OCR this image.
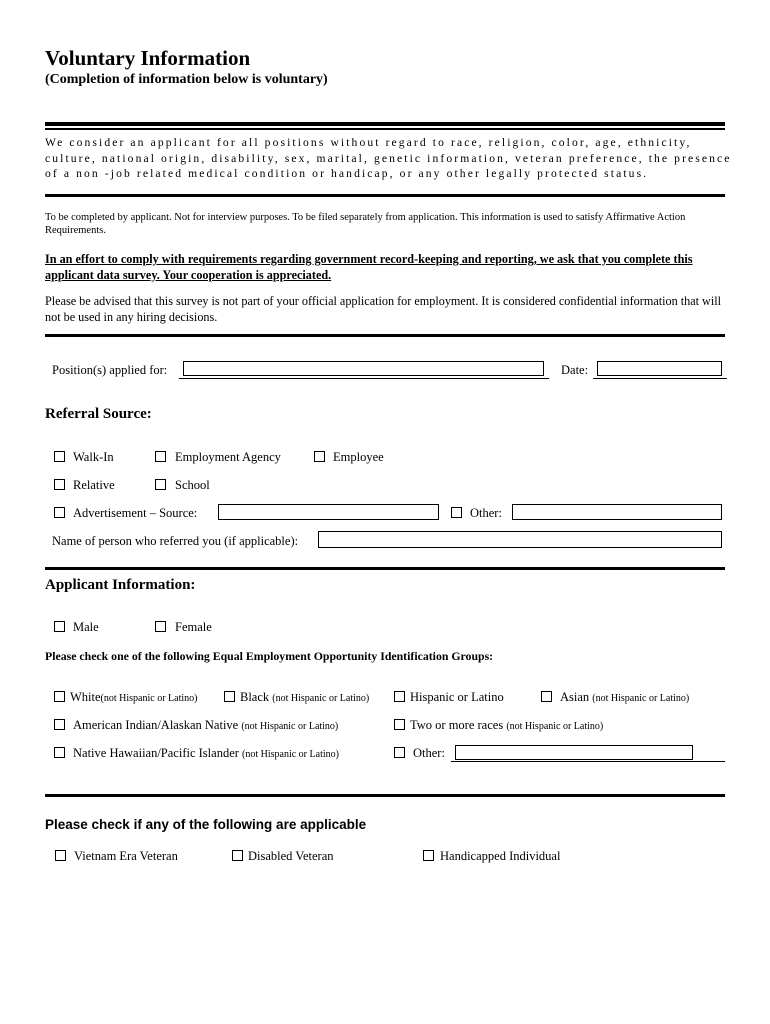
Voluntary Information
(Completion of information below is voluntary)
We consider an applicant for all positions without regard to race, religion, color, age, ethnicity, culture, national origin, disability, sex, marital, genetic information, veteran preference, the presence of a non -job related medical condition or handicap, or any other legally protected status.
To be completed by applicant. Not for interview purposes. To be filed separately from application. This information is used to satisfy Affirmative Action Requirements.
In an effort to comply with requirements regarding government record-keeping and reporting, we ask that you complete this applicant data survey. Your cooperation is appreciated.
Please be advised that this survey is not part of your official application for employment. It is considered confidential information that will not be used in any hiring decisions.
Position(s) applied for:	Date:
Referral Source:
Walk-In	Employment Agency	Employee
Relative	School
Advertisement – Source:	Other:
Name of person who referred you (if applicable):
Applicant Information:
Male	Female
Please check one of the following Equal Employment Opportunity Identification Groups:
White(not Hispanic or Latino)	Black (not Hispanic or Latino)	Hispanic or Latino	Asian (not Hispanic or Latino)
American Indian/Alaskan Native (not Hispanic or Latino)	Two or more races (not Hispanic or Latino)
Native Hawaiian/Pacific Islander (not Hispanic or Latino)	Other:
Please check if any of the following are applicable
Vietnam Era Veteran	Disabled Veteran	Handicapped Individual
